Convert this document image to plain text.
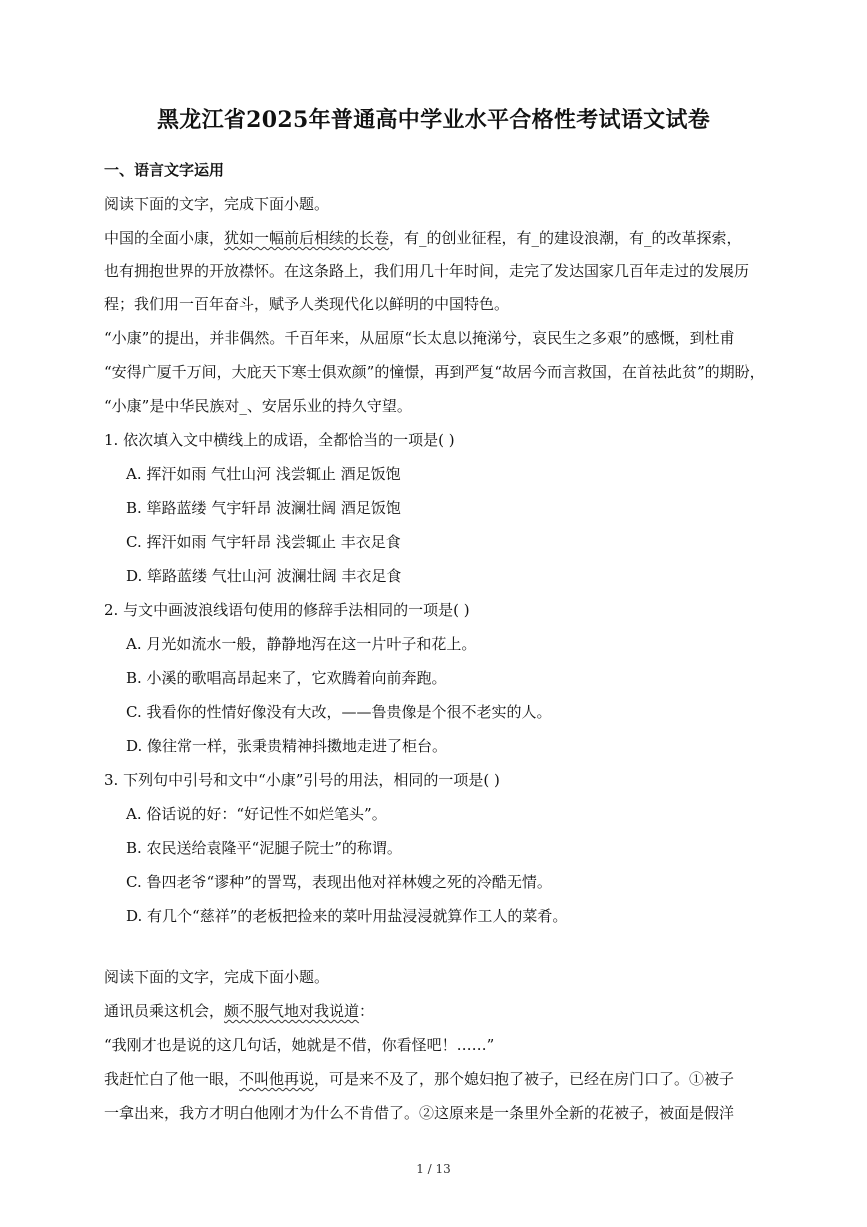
黑龙江省2025年普通高中学业水平合格性考试语文试卷
一、语言文字运用
阅读下面的文字，完成下面小题。
中国的全面小康，犹如一幅前后相续的长卷，有_的创业征程，有_的建设浪潮，有_的改革探索，
也有拥抱世界的开放襟怀。在这条路上，我们用几十年时间，走完了发达国家几百年走过的发展历
程；我们用一百年奋斗，赋予人类现代化以鲜明的中国特色。
“小康”的提出，并非偶然。千百年来，从屈原“长太息以掩涕兮，哀民生之多艰”的感慨，到杜甫
“安得广厦千万间，大庇天下寒士俱欢颜”的憧憬，再到严复“故居今而言救国，在首祛此贫”的期盼，
“小康”是中华民族对_、安居乐业的持久守望。
1. 依次填入文中横线上的成语，全都恰当的一项是( )
A. 挥汗如雨 气壮山河 浅尝辄止 酒足饭饱
B. 筚路蓝缕 气宇轩昂 波澜壮阔 酒足饭饱
C. 挥汗如雨 气宇轩昂 浅尝辄止 丰衣足食
D. 筚路蓝缕 气壮山河 波澜壮阔 丰衣足食
2. 与文中画波浪线语句使用的修辞手法相同的一项是( )
A. 月光如流水一般，静静地泻在这一片叶子和花上。
B. 小溪的歌唱高昂起来了，它欢腾着向前奔跑。
C. 我看你的性情好像没有大改，——鲁贵像是个很不老实的人。
D. 像往常一样，张秉贵精神抖擞地走进了柜台。
3. 下列句中引号和文中“小康”引号的用法，相同的一项是( )
A. 俗话说的好：“好记性不如烂笔头”。
B. 农民送给袁隆平“泥腿子院士”的称谓。
C. 鲁四老爷“谬种”的詈骂，表现出他对祥林嫂之死的冷酷无情。
D. 有几个“慈祥”的老板把捡来的菜叶用盐浸浸就算作工人的菜肴。
阅读下面的文字，完成下面小题。
通讯员乘这机会，颇不服气地对我说道：
“我刚才也是说的这几句话，她就是不借，你看怪吧！……”
我赶忙白了他一眼，不叫他再说，可是来不及了，那个媳妇抱了被子，已经在房门口了。①被子
一拿出来，我方才明白他刚才为什么不肯借了。②这原来是一条里外全新的花被子，被面是假洋
1 / 13
